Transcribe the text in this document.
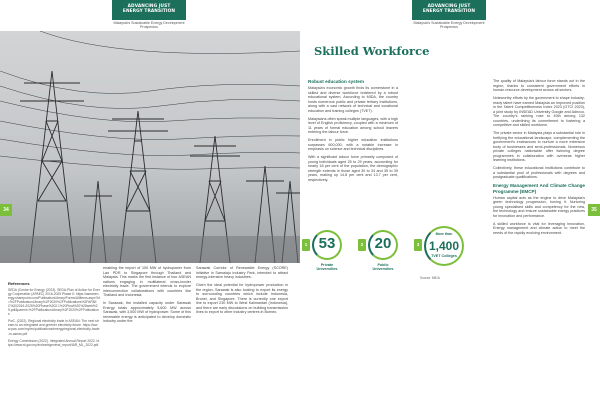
ADVANCING JUST
ENERGY TRANSITION
Malaysia's Sustainable Energy Development
Prospectus
34
References

SEDA (Centre for Energy (2023). SEDA-Plan of Action for Energy Cooperation (APAEC) 2016-2025 Phase II: https://aseanenergy.sharepoint.com/PublicationLibrary/Forms/AllItems.aspx?id=%2FPublicationLibrary%2F2020%2FPublications%2FAPAEC%202016-2025%20Phase%202.1%20Final%20%28web%29.pdf&parent=%2FPublicationLibrary%2F2020%2FPublications

PwC. (2022). Regional electricity trade in ASEAN: The next stream to an integrated and greener electricity future. https://www.pwc.com/my/en/publications/energy/regional-electricity-trade-in-asean.pdf

Energy Commission (2022). Integrated Annual Report 2022. https://www.st.gov.my/en/web/general_report/IAR_ML_2022.pdf

enabling the import of 100 MW of hydropower from Lao PDR to Singapore through Thailand and Malaysia. This marks the first instance of four ASEAN nations engaging in multilateral cross-border electricity trade. The government intends to explore interconnection collaborations with countries like Thailand and Indonesia.

In Sarawak, the installed capacity under Sarawak Energy totals approximately 5,600 MW across Sarawak, with 3,500 MW of hydropower. Some of this renewable energy is anticipated to develop domestic industry under the

Sarawak Corridor of Renewable Energy (SCORE) initiative in Samalaju Industry Park, intended to attract energy-intensive heavy industries.

Given the ideal potential for hydropower production in the region, Sarawak is also looking to export its energy to surrounding countries which include Indonesia, Brunei, and Singapore. There is currently one export line to export 230 MW to West Kalimantan (Indonesia), and there are early discussions on building transmission lines to export to other industry centres in Borneo.

ADVANCING JUST
ENERGY TRANSITION
Malaysia's Sustainable Energy Development
Prospectus
Skilled Workforce
Robust education system

Malaysia's economic growth finds its cornerstone in a skilled and diverse workforce bolstered by a robust educational system. According to MIDA, the country hosts numerous public and private tertiary institutions, along with a vast network of technical and vocational education and training colleges (TVET).

Malaysians often speak multiple languages, with a high level of English proficiency, coupled with a minimum of 11 years of formal education among school leavers entering the labour force.

Enrollment in public higher education institutions surpasses 600,000, with a notable increase in emphasis on science and technical disciplines.

With a significant labour force primarily composed of young individuals aged 25 to 29 years, accounting for nearly 18 per cent of the population, the demographic strength extends in those aged 30 to 34 and 35 to 39 years, making up 14.8 per cent and 13.7 per cent, respectively.

The quality of Malaysia's labour force stands out in the region, thanks to consistent government efforts in human resource development across all sectors.

Noteworthy efforts by the government to shape industry-ready talent have earned Malaysia an improved position in the Talent Competitiveness Index 2023 (GTCI 2023), a joint study by INSEAD University Google and Adecco. The country's ranking rose to 40th among 132 countries, underlining its commitment to fostering a competitive and skilled workforce.

The private sector in Malaysia plays a substantial role in fortifying the educational landscape, complementing the government's endeavours to nurture a more extensive body of businesses and semi-professionals. Numerous private colleges nationwide offer twinning degree programmes in collaboration with overseas higher learning institutions.

Collectively, these educational institutions contribute to a substantial pool of professionals with degrees and postgraduate qualifications.

Energy Management And Climate Change Programme (EMCP)

Human capital acts as the engine to drive Malaysia's green technology progression, honing it. Nurturing young specialised skills and competency for the new, the technology and ensure sustainable energy practices for innovation and performance.

A skilled workforce is vital for leveraging innovation, Energy management and climate action to meet the needs of the rapidly evolving environment.

1 53
Private
Universities
2 20
Public
Universities
3
More than
1,400
TVET Colleges
Source: MIDA
35
